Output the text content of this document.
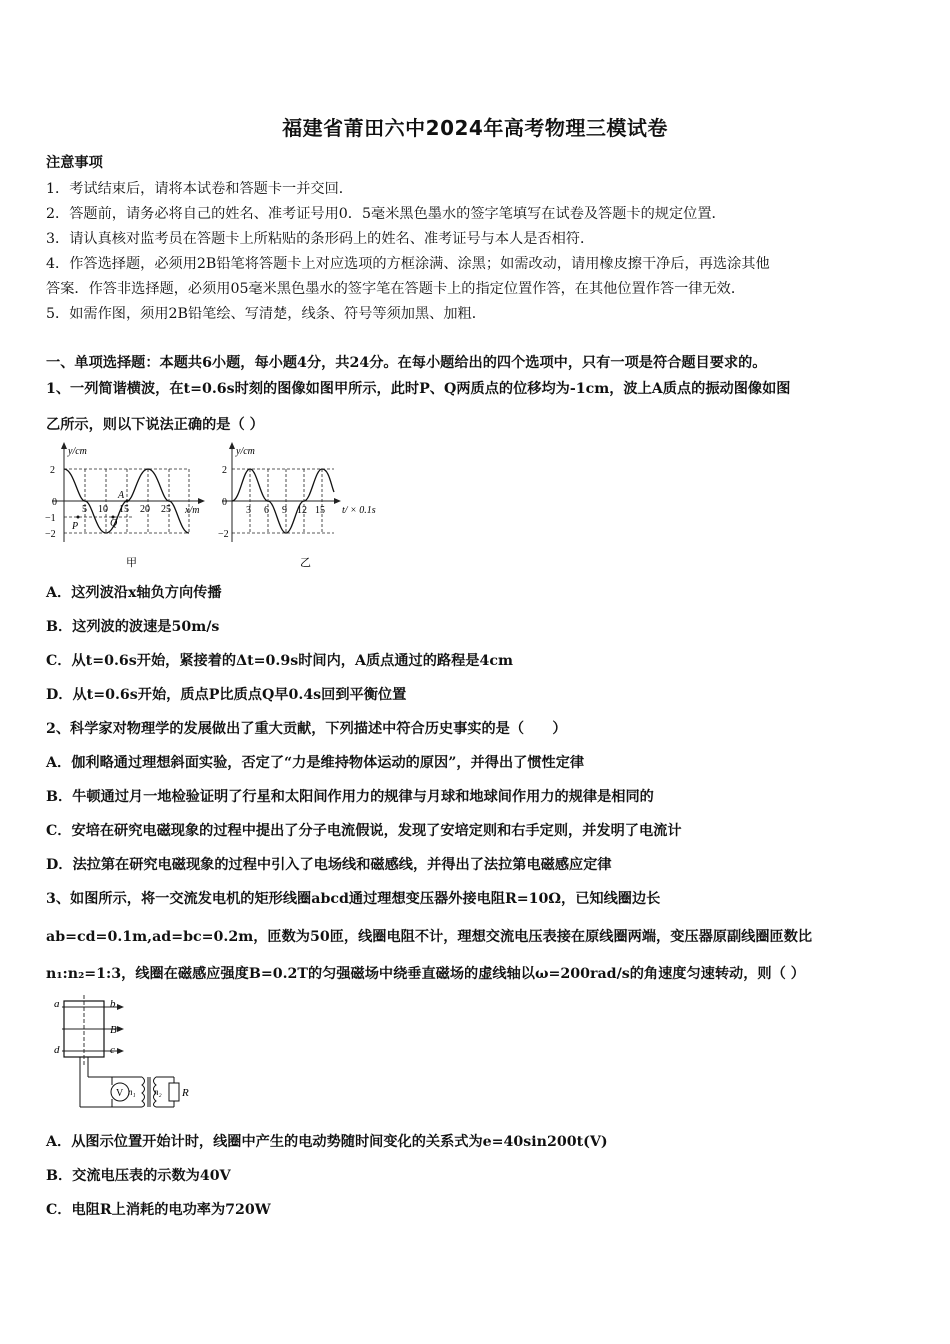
福建省莆田六中2024年高考物理三模试卷
注意事项
1．考试结束后，请将本试卷和答题卡一并交回．
2．答题前，请务必将自己的姓名、准考证号用0．5毫米黑色墨水的签字笔填写在试卷及答题卡的规定位置．
3．请认真核对监考员在答题卡上所粘贴的条形码上的姓名、准考证号与本人是否相符．
4．作答选择题，必须用2B铅笔将答题卡上对应选项的方框涂满、涂黑；如需改动，请用橡皮擦干净后，再选涂其他
答案．作答非选择题，必须用05毫米黑色墨水的签字笔在答题卡上的指定位置作答，在其他位置作答一律无效．
5．如需作图，须用2B铅笔绘、写清楚，线条、符号等须加黑、加粗．
一、单项选择题：本题共6小题，每小题4分，共24分。在每小题给出的四个选项中，只有一项是符合题目要求的。
1、一列简谐横波，在t=0.6s时刻的图像如图甲所示，此时P、Q两质点的位移均为-1cm，波上A质点的振动图像如图
乙所示，则以下说法正确的是（ ）
y/cm
2
0
−1
−2
5 10 15 20 25 x/m
P	Q
A
甲
y/cm
2
0
−2
3 6 9 12 15 t/ × 0.1s
乙
A．这列波沿x轴负方向传播
B．这列波的波速是50m/s
C．从t=0.6s开始，紧接着的Δt=0.9s时间内，A质点通过的路程是4cm
D．从t=0.6s开始，质点P比质点Q早0.4s回到平衡位置
2、科学家对物理学的发展做出了重大贡献，下列描述中符合历史事实的是（　　）
A．伽利略通过理想斜面实验，否定了“力是维持物体运动的原因”，并得出了惯性定律
B．牛顿通过月一地检验证明了行星和太阳间作用力的规律与月球和地球间作用力的规律是相同的
C．安培在研究电磁现象的过程中提出了分子电流假说，发现了安培定则和右手定则，并发明了电流计
D．法拉第在研究电磁现象的过程中引入了电场线和磁感线，并得出了法拉第电磁感应定律
3、如图所示，将一交流发电机的矩形线圈abcd通过理想变压器外接电阻R=10Ω，已知线圈边长
ab=cd=0.1m,ad=bc=0.2m，匝数为50匝，线圈电阻不计，理想交流电压表接在原线圈两端，变压器原副线圈匝数比
n₁:n₂=1:3，线圈在磁感应强度B=0.2T的匀强磁场中绕垂直磁场的虚线轴以ω=200rad/s的角速度匀速转动，则（ ）
a	b
B
c
d
V n₁ n₂ R
A．从图示位置开始计时，线圈中产生的电动势随时间变化的关系式为e=40sin200t(V)
B．交流电压表的示数为40V
C．电阻R上消耗的电功率为720W
